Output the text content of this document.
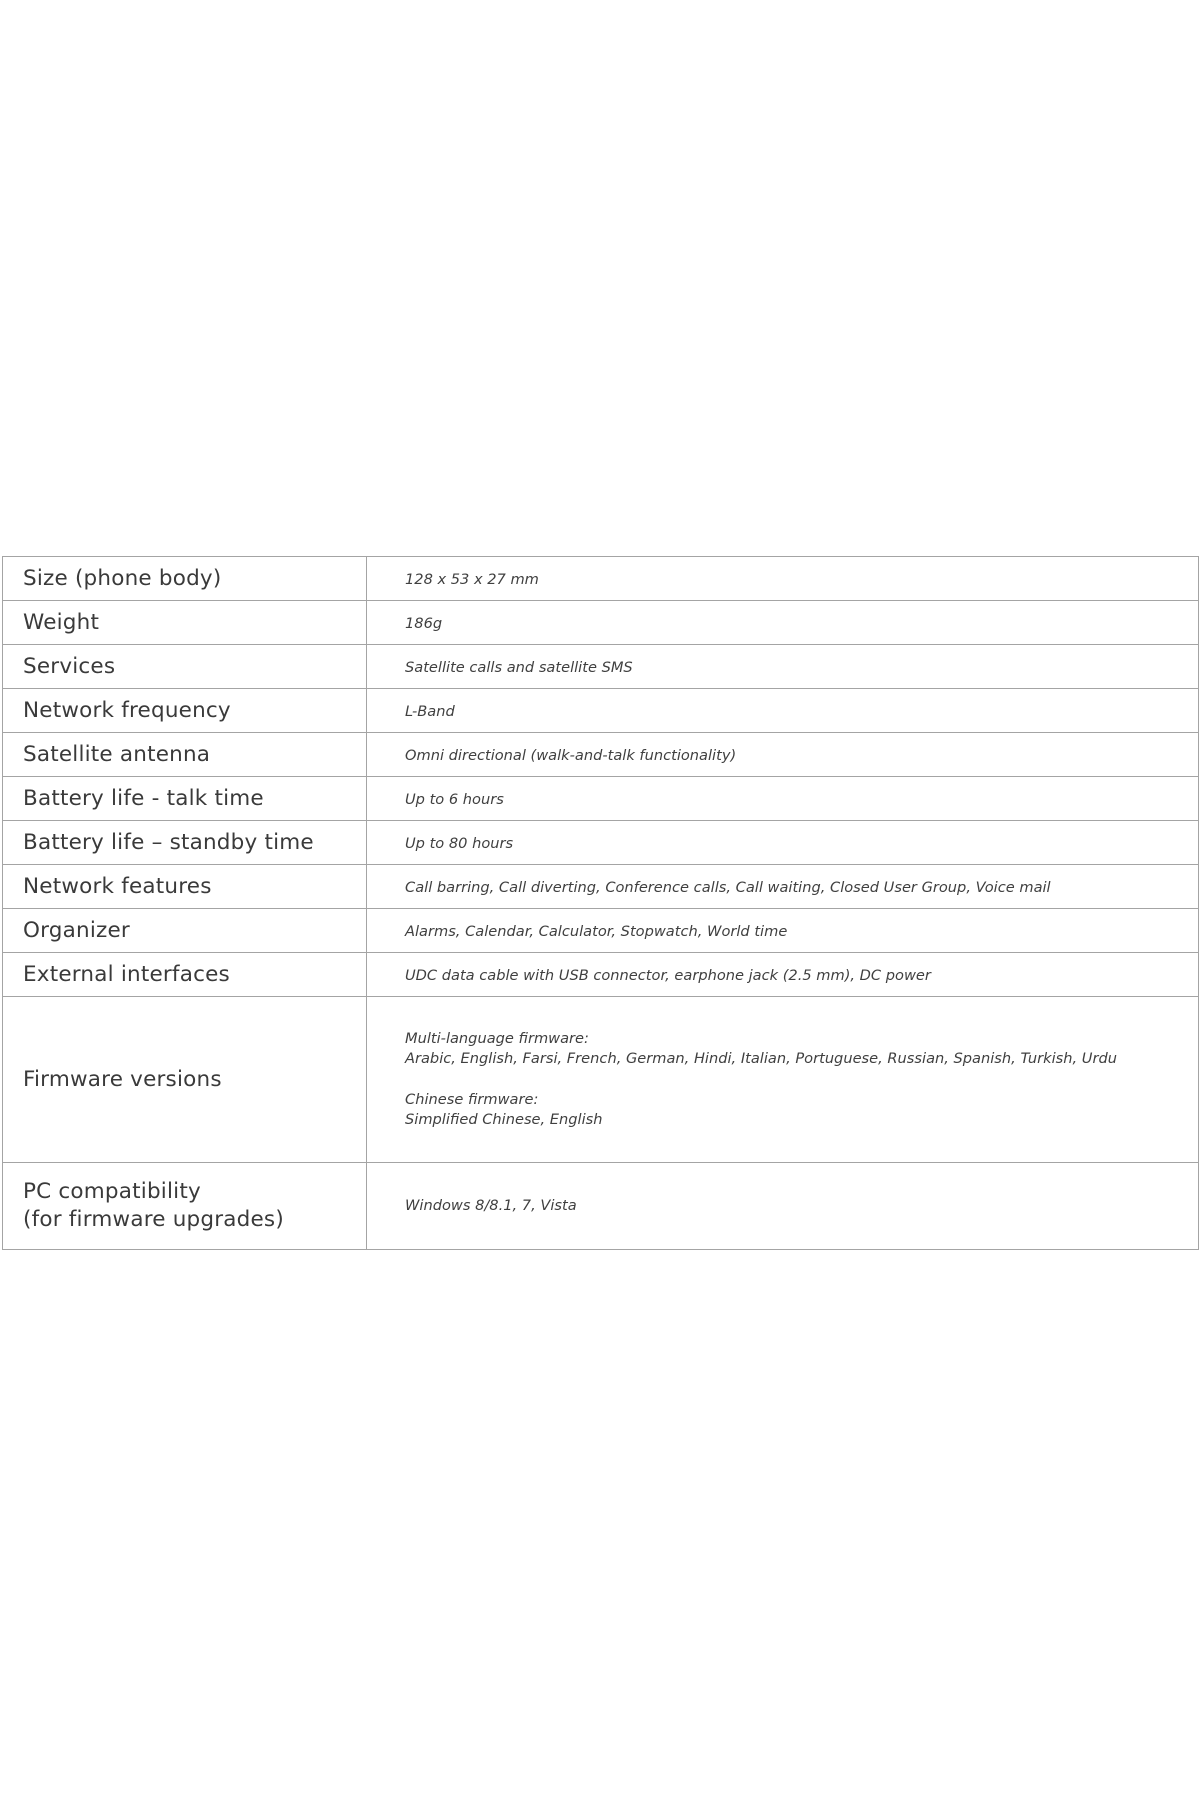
Size (phone body)	128 x 53 x 27 mm
Weight	186g
Services	Satellite calls and satellite SMS
Network frequency	L-Band
Satellite antenna	Omni directional (walk-and-talk functionality)
Battery life - talk time	Up to 6 hours
Battery life – standby time	Up to 80 hours
Network features	Call barring, Call diverting, Conference calls, Call waiting, Closed User Group, Voice mail
Organizer	Alarms, Calendar, Calculator, Stopwatch, World time
External interfaces	UDC data cable with USB connector, earphone jack (2.5 mm), DC power
Firmware versions	Multi-language firmware:
Arabic, English, Farsi, French, German, Hindi, Italian, Portuguese, Russian, Spanish, Turkish, Urdu
Chinese firmware:
Simplified Chinese, English

PC compatibility
(for firmware upgrades)	Windows 8/8.1, 7, Vista
